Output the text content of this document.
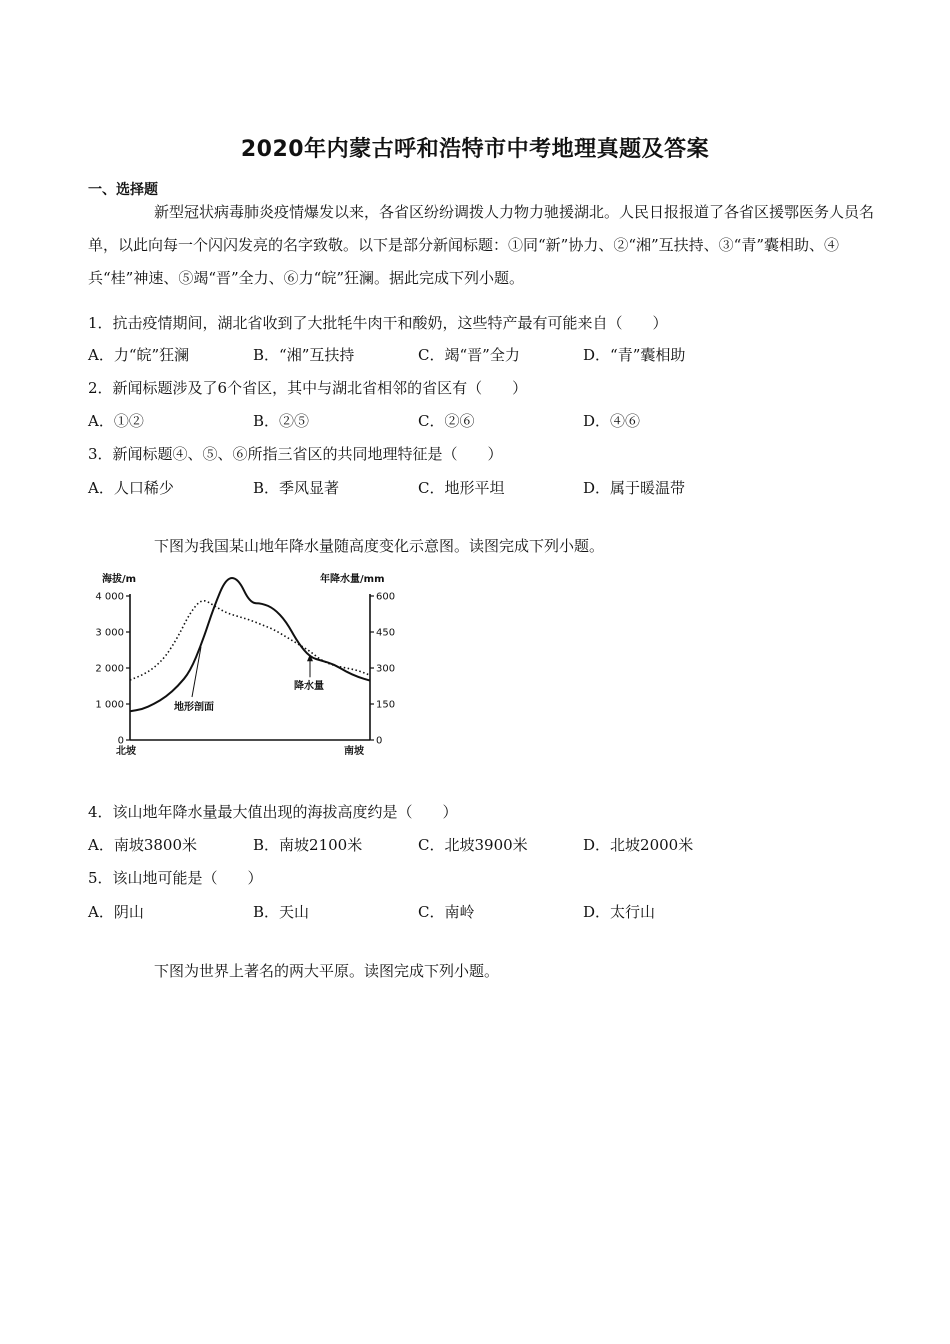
2020年内蒙古呼和浩特市中考地理真题及答案
一、选择题

新型冠状病毒肺炎疫情爆发以来，各省区纷纷调拨人力物力驰援湖北。人民日报报道了各省区援鄂医务人员名单，以此向每一个闪闪发亮的名字致敬。以下是部分新闻标题：①同“新”协力、②“湘”互扶持、③“青”囊相助、④兵“桂”神速、⑤竭“晋”全力、⑥力“皖”狂澜。据此完成下列小题。

1．抗击疫情期间，湖北省收到了大批牦牛肉干和酸奶，这些特产最有可能来自（　　）
A．力“皖”狂澜	B．“湘”互扶持	C．竭“晋”全力	D．“青”囊相助
2．新闻标题涉及了6个省区，其中与湖北省相邻的省区有（　　）
A．①②	B．②⑤	C．②⑥	D．④⑥
3．新闻标题④、⑤、⑥所指三省区的共同地理特征是（　　）
A．人口稀少	B．季风显著	C．地形平坦	D．属于暖温带
下图为我国某山地年降水量随高度变化示意图。读图完成下列小题。
0
1 000
2 000
3 000
4 000
0
150
300
450
600
海拔/m	年降水量/mm
北坡	南坡
地形剖面
降水量
4．该山地年降水量最大值出现的海拔高度约是（　　）
A．南坡3800米	B．南坡2100米	C．北坡3900米	D．北坡2000米
5．该山地可能是（　　）
A．阴山	B．天山	C．南岭	D．太行山
下图为世界上著名的两大平原。读图完成下列小题。
